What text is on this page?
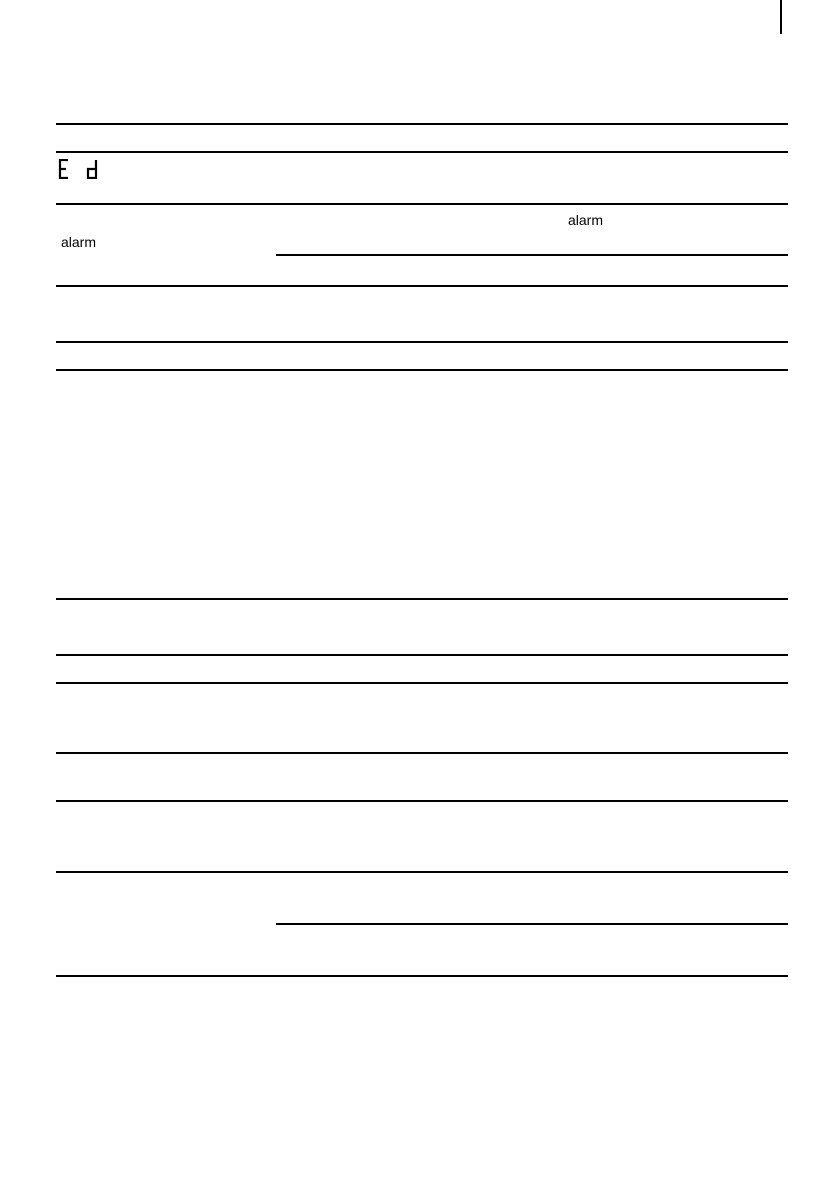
alarm
alarm
